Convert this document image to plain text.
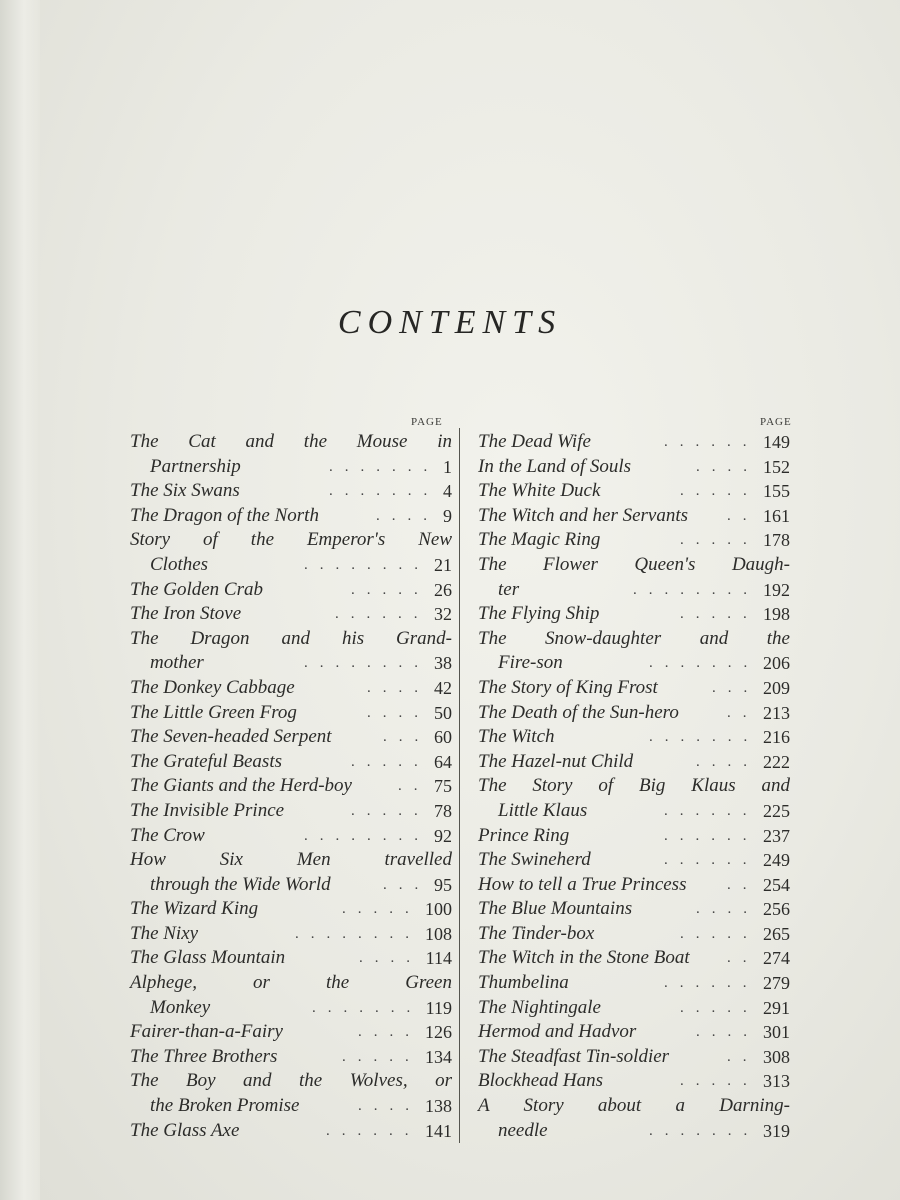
CONTENTS
PAGE	PAGE
The Cat and the Mouse in
Partnership	1
.......
The Six Swans	4
.......
The Dragon of the North	9
....
Story of the Emperor's New
Clothes	21
........
The Golden Crab	26
.....
The Iron Stove	32
......
The Dragon and his Grand-
mother	38
........
The Donkey Cabbage	42
....
The Little Green Frog	50
....
The Seven-headed Serpent	60
...
The Grateful Beasts	64
.....
The Giants and the Herd-boy	75
..
The Invisible Prince	78
.....
The Crow	92
........
How Six Men travelled
through the Wide World	95
...
The Wizard King	100
.....
The Nixy	108
........
The Glass Mountain	114
....
Alphege, or the Green
Monkey	119
.......
Fairer-than-a-Fairy	126
....
The Three Brothers	134
.....
The Boy and the Wolves, or
the Broken Promise	138
....
The Glass Axe	141
......
The Dead Wife	149
......
In the Land of Souls	152
....
The White Duck	155
.....
The Witch and her Servants	161
..
The Magic Ring	178
.....
The Flower Queen's Daugh-
ter	192
........
The Flying Ship	198
.....
The Snow-daughter and the
Fire-son	206
.......
The Story of King Frost	209
...
The Death of the Sun-hero	213
..
The Witch	216
.......
The Hazel-nut Child	222
....
The Story of Big Klaus and
Little Klaus	225
......
Prince Ring	237
......
The Swineherd	249
......
How to tell a True Princess	254
..
The Blue Mountains	256
....
The Tinder-box	265
.....
The Witch in the Stone Boat	274
..
Thumbelina	279
......
The Nightingale	291
.....
Hermod and Hadvor	301
....
The Steadfast Tin-soldier	308
..
Blockhead Hans	313
.....
A Story about a Darning-
needle	319
.......
